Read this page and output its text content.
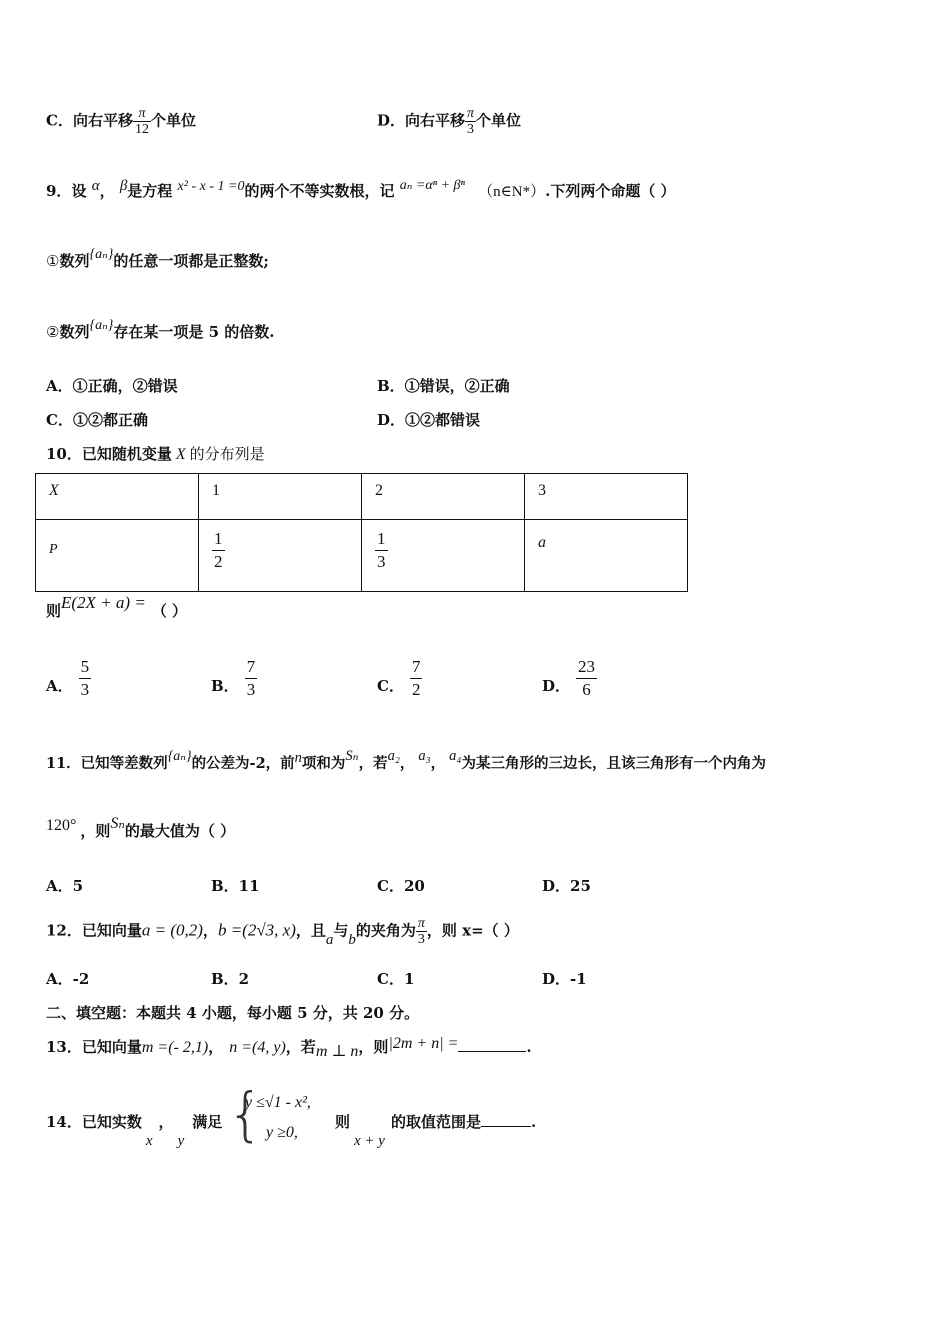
C．向右平移 $\frac{\pi}{12}$ 个单位	D．向右平移 $\frac{\pi}{3}$ 个单位
9．设 α， β是方程 x² - x - 1 =0的两个不等实数根，记 aₙ =αⁿ + βⁿ （n∈N*）.下列两个命题（ ）
①数列{aₙ}的任意一项都是正整数;
②数列{aₙ}存在某一项是 5 的倍数.
A．①正确，②错误	B．①错误，②正确
C．①②都正确	D．①②都错误
10．已知随机变量 X 的分布列是
X	1	2	3
P	$\frac{1}{2}$	$\frac{1}{3}$	a
则E(2X + a) = （ ）
A． $\frac{5}{3}$	B． $\frac{7}{3}$	C． $\frac{7}{2}$	D． $\frac{23}{6}$
11．已知等差数列{aₙ}的公差为-2，前n项和为Sₙ，若a₂， a₃， a₄为某三角形的三边长，且该三角形有一个内角为
120° ，则Sₙ的最大值为（ ）
A．5	B．11	C．20	D．25
12．已知向量a = (0,2)，b =(2√3, x)，且a与b的夹角为 $\frac{\pi}{3}$ ，则 x=（ ）
A．-2	B．2	C．1	D．-1
二、填空题：本题共 4 小题，每小题 5 分，共 20 分。
13．已知向量m =(- 2,1)， n =(4, y)，若m ⊥ n，则|2m + n| =	.
14．已知实数x，y满足 {
y ≤√1 - x²,
y ≥0,
则x + y的取值范围是	.
